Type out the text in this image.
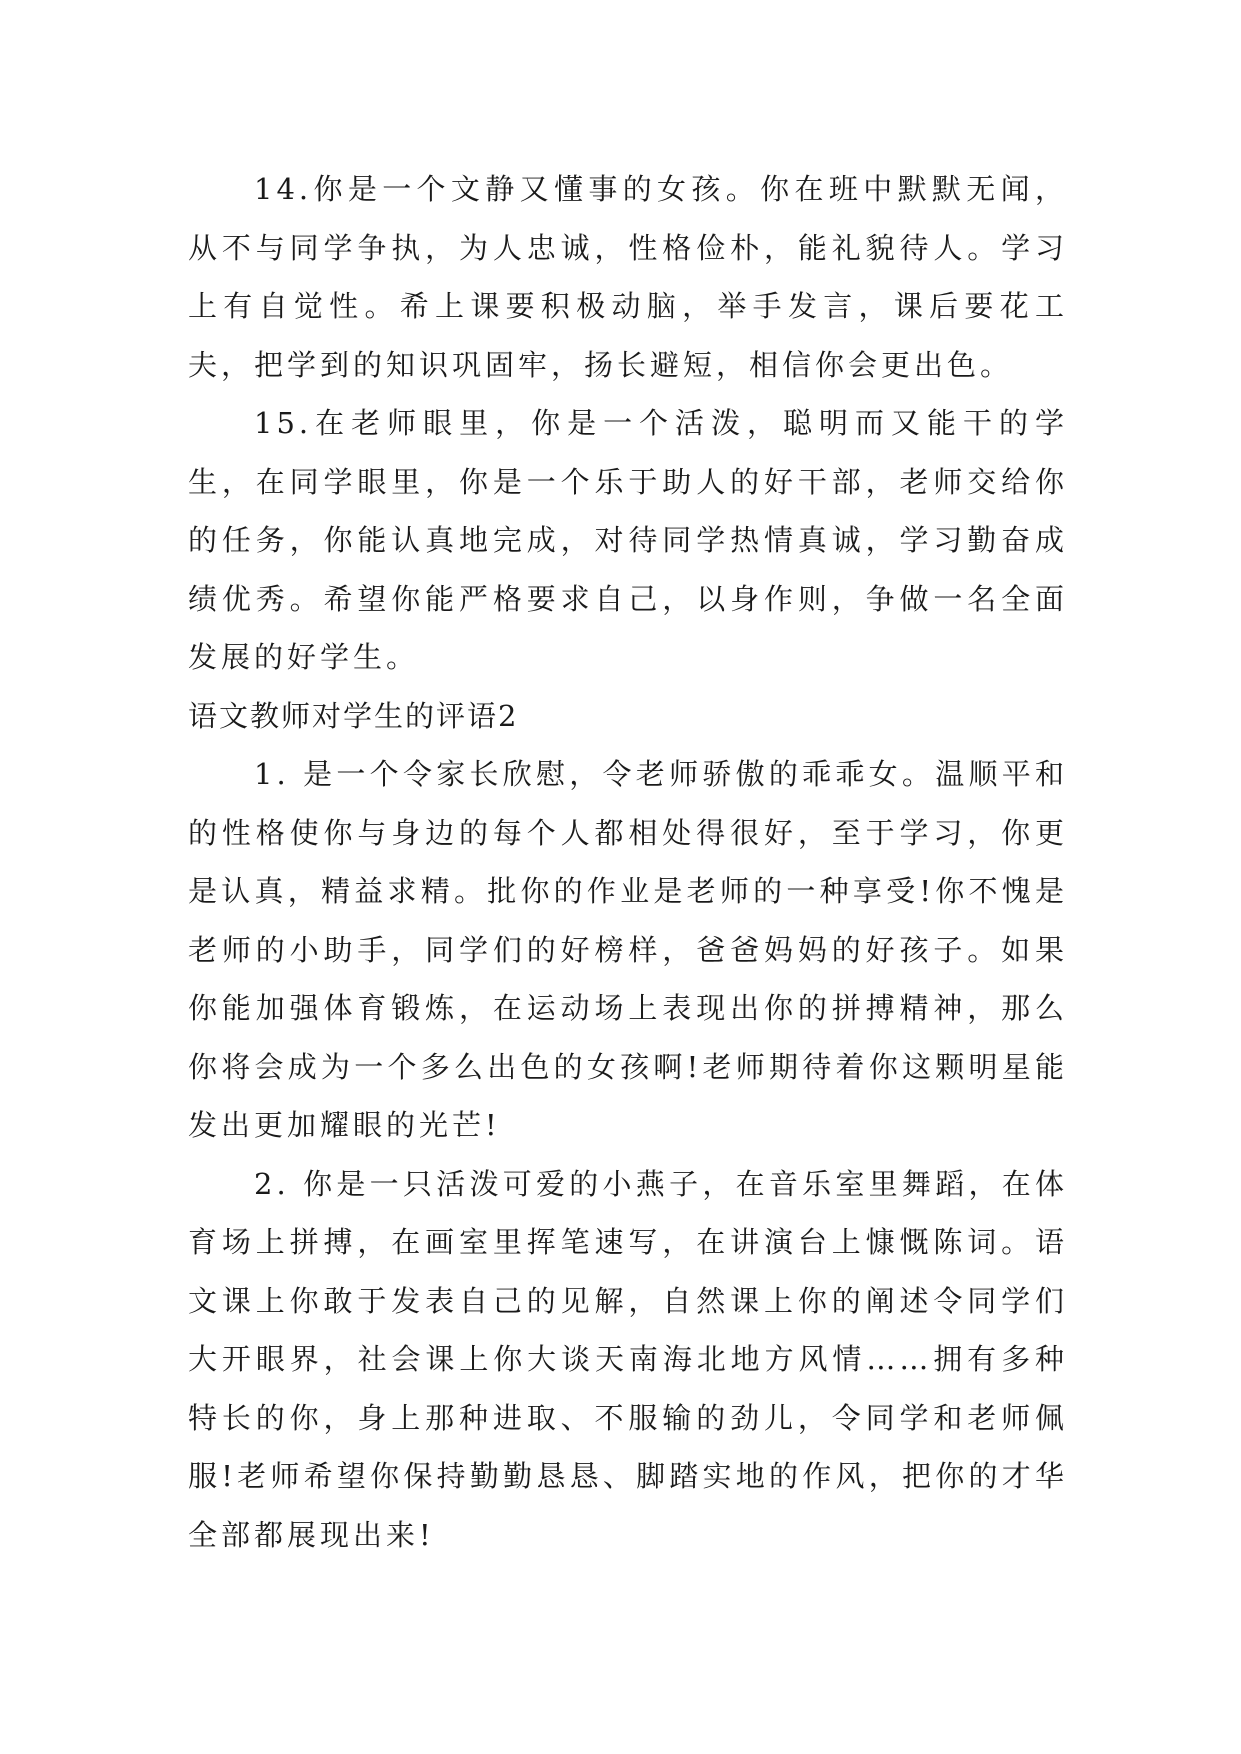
14.你是一个文静又懂事的女孩。你在班中默默无闻，从不与同学争执，为人忠诚，性格俭朴，能礼貌待人。学习上有自觉性。希上课要积极动脑，举手发言，课后要花工夫，把学到的知识巩固牢，扬长避短，相信你会更出色。

15.在老师眼里，你是一个活泼，聪明而又能干的学生，在同学眼里，你是一个乐于助人的好干部，老师交给你的任务，你能认真地完成，对待同学热情真诚，学习勤奋成绩优秀。希望你能严格要求自己，以身作则，争做一名全面发展的好学生。

语文教师对学生的评语2

1. 是一个令家长欣慰，令老师骄傲的乖乖女。温顺平和的性格使你与身边的每个人都相处得很好，至于学习，你更是认真，精益求精。批你的作业是老师的一种享受!你不愧是老师的小助手，同学们的好榜样，爸爸妈妈的好孩子。如果你能加强体育锻炼，在运动场上表现出你的拼搏精神，那么你将会成为一个多么出色的女孩啊!老师期待着你这颗明星能发出更加耀眼的光芒!

2. 你是一只活泼可爱的小燕子，在音乐室里舞蹈，在体育场上拼搏，在画室里挥笔速写，在讲演台上慷慨陈词。语文课上你敢于发表自己的见解，自然课上你的阐述令同学们大开眼界，社会课上你大谈天南海北地方风情……拥有多种特长的你，身上那种进取、不服输的劲儿，令同学和老师佩服!老师希望你保持勤勤恳恳、脚踏实地的作风，把你的才华全部都展现出来!
